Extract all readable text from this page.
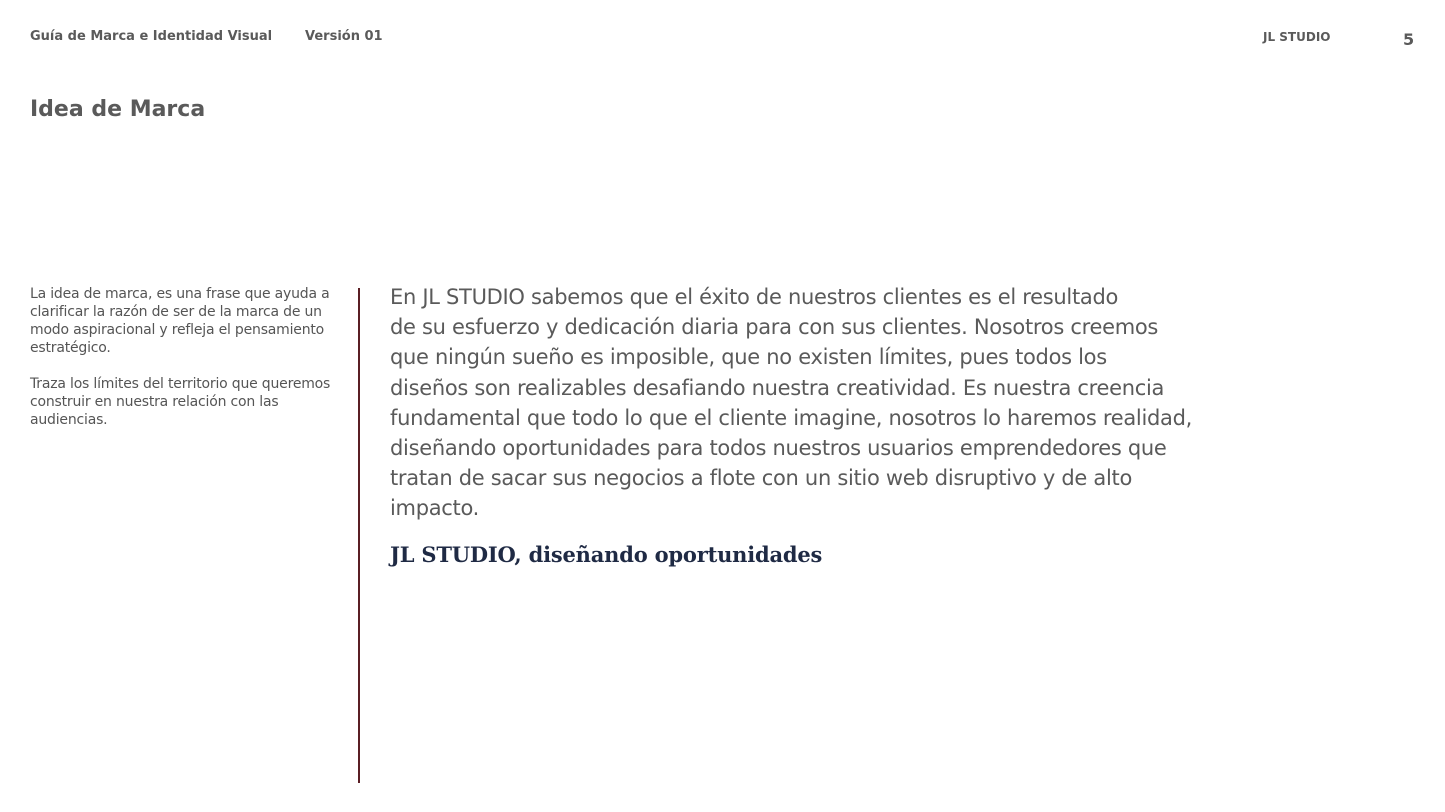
Guía de Marca e Identidad Visual	Versión 01	JL STUDIO	5
Idea de Marca

La idea de marca, es una frase que ayuda a clarificar la razón de ser de la marca de un modo aspiracional y refleja el pensamiento estratégico.

Traza los límites del territorio que queremos construir en nuestra relación con las audiencias.

En JL STUDIO sabemos que el éxito de nuestros clientes es el resultado
de su esfuerzo y dedicación diaria para con sus clientes. Nosotros creemos
que ningún sueño es imposible, que no existen límites, pues todos los
diseños son realizables desafiando nuestra creatividad. Es nuestra creencia
fundamental que todo lo que el cliente imagine, nosotros lo haremos realidad,
diseñando oportunidades para todos nuestros usuarios emprendedores que
tratan de sacar sus negocios a flote con un sitio web disruptivo y de alto
impacto.

JL STUDIO, diseñando oportunidades
